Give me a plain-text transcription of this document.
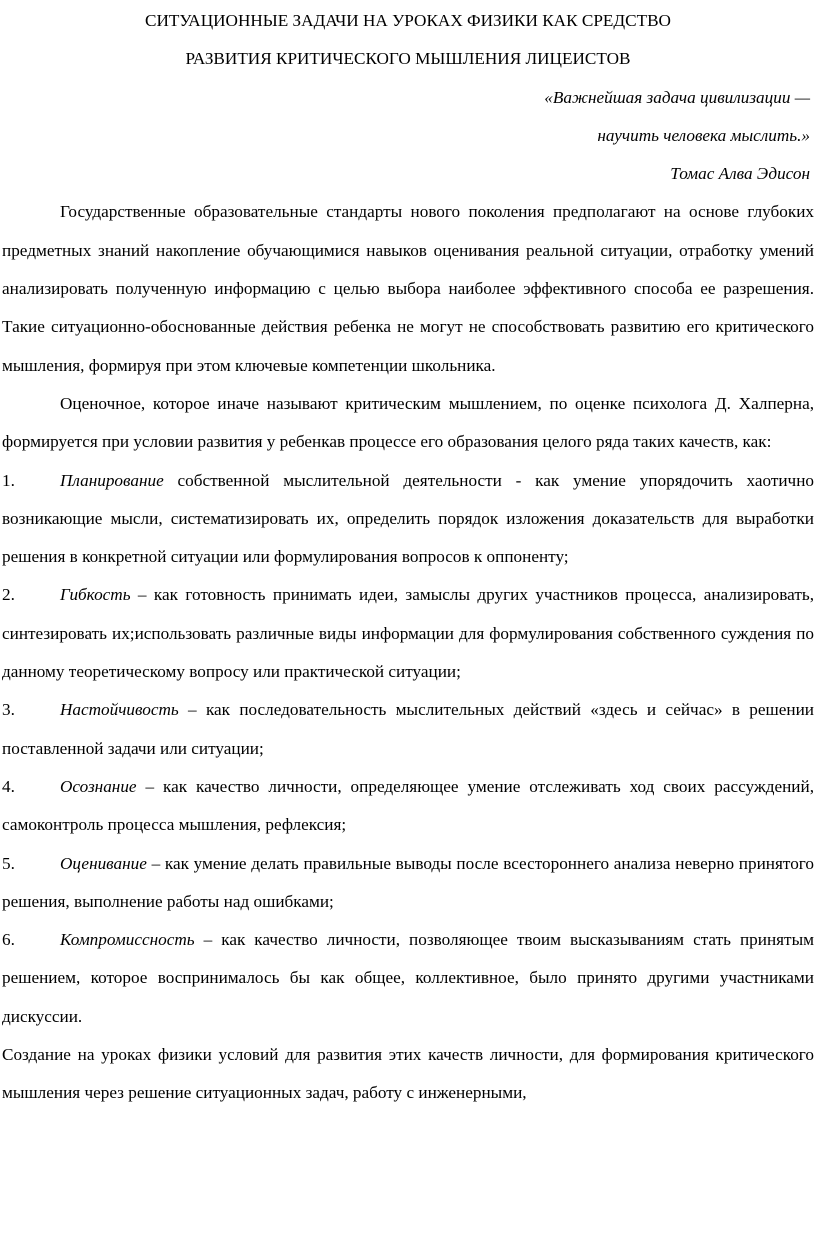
СИТУАЦИОННЫЕ ЗАДАЧИ НА УРОКАХ ФИЗИКИ КАК СРЕДСТВО

РАЗВИТИЯ КРИТИЧЕСКОГО МЫШЛЕНИЯ ЛИЦЕИСТОВ

«Важнейшая задача цивилизации —

научить человека мыслить.»

Томас Алва Эдисон

Государственные образовательные стандарты нового поколения предполагают на основе глубоких предметных знаний накопление обучающимися навыков оценивания реальной ситуации, отработку умений анализировать полученную информацию с целью выбора наиболее эффективного способа ее разрешения. Такие ситуационно-обоснованные действия ребенка не могут не способствовать развитию его критического мышления, формируя при этом ключевые компетенции школьника.

Оценочное, которое иначе называют критическим мышлением, по оценке психолога Д. Халперна, формируется при условии развития у ребенкав процессе его образования целого ряда таких качеств, как:

1.	Планирование собственной мыслительной деятельности - как умение упорядочить хаотично возникающие мысли, систематизировать их, определить порядок изложения доказательств для выработки решения в конкретной ситуации или формулирования вопросов к оппоненту;

2.	Гибкость – как готовность принимать идеи, замыслы других участников процесса, анализировать, синтезировать их;использовать различные виды информации для формулирования собственного суждения по данному теоретическому вопросу или практической ситуации;

3.	Настойчивость – как последовательность мыслительных действий «здесь и сейчас» в решении поставленной задачи или ситуации;

4.	Осознание – как качество личности, определяющее умение отслеживать ход своих рассуждений, самоконтроль процесса мышления, рефлексия;

5.	Оценивание – как умение делать правильные выводы после всестороннего анализа неверно принятого решения, выполнение работы над ошибками;

6.	Компромиссность – как качество личности, позволяющее твоим высказываниям стать принятым решением, которое воспринималось бы как общее, коллективное, было принято другими участниками дискуссии.

Создание на уроках физики условий для развития этих качеств личности, для формирования критического мышления через решение ситуационных задач, работу с инженерными,
